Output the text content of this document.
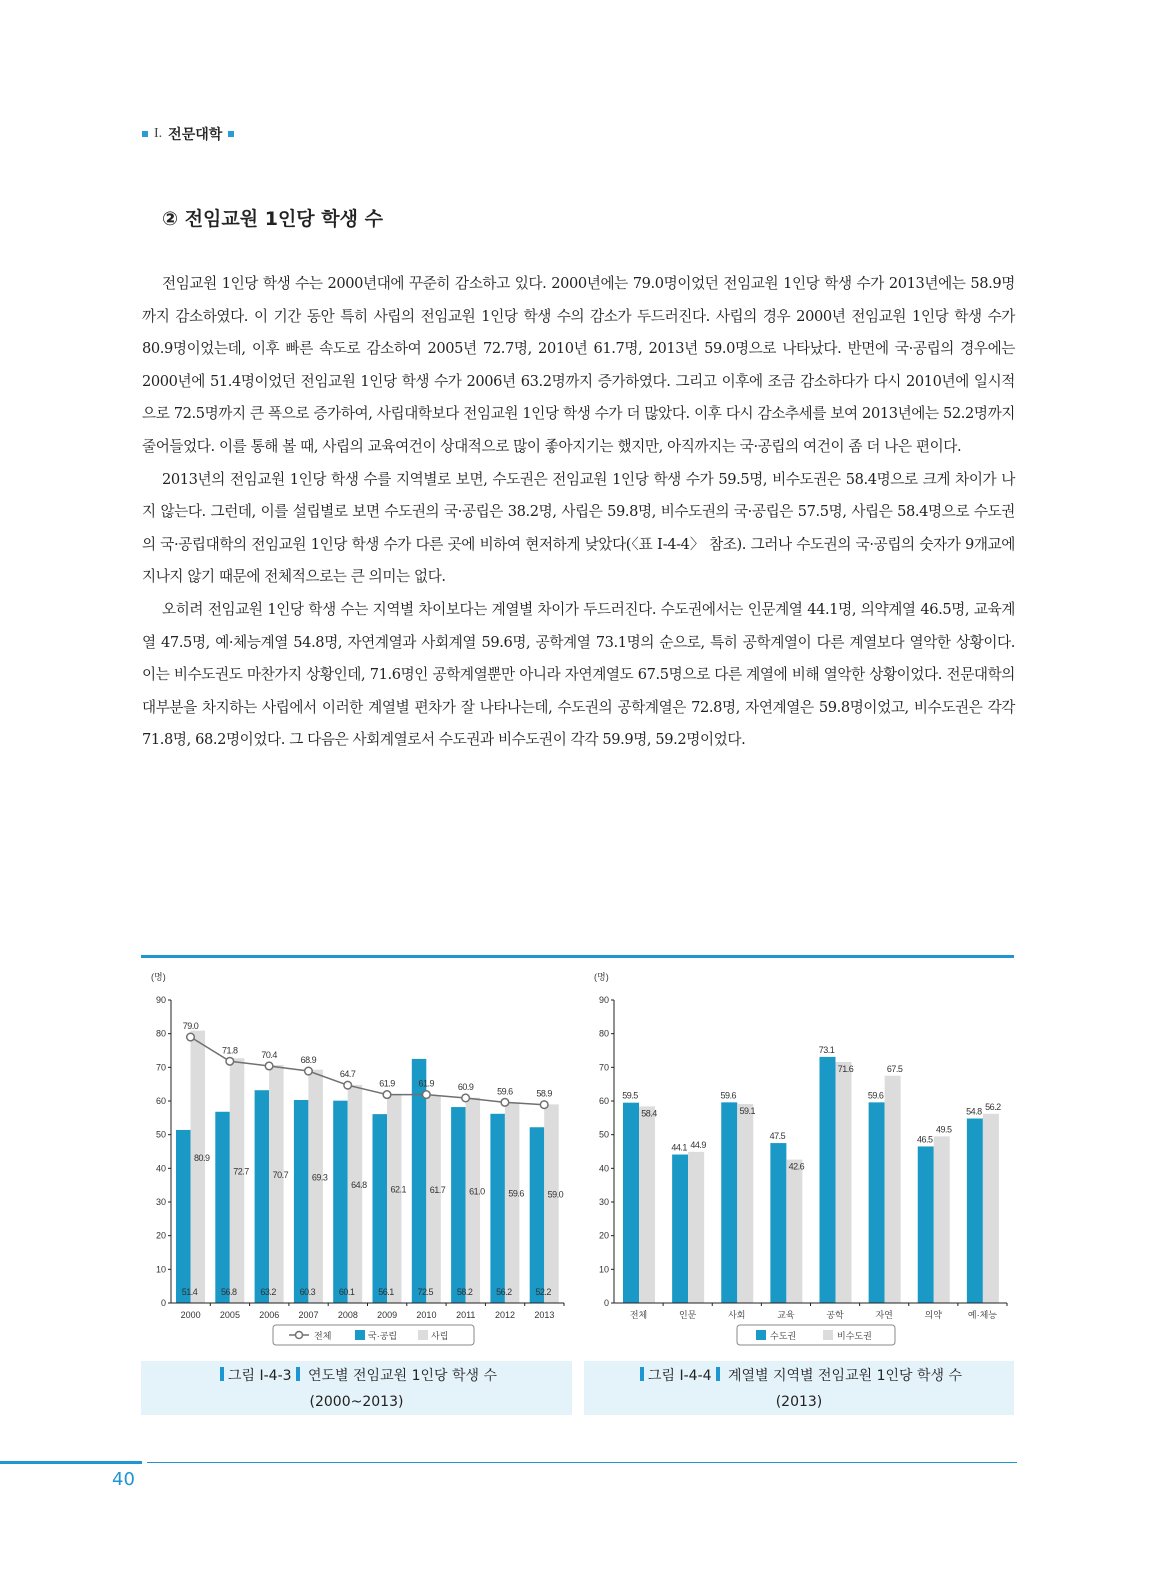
I. 전문대학
② 전임교원 1인당 학생 수

전임교원 1인당 학생 수는 2000년대에 꾸준히 감소하고 있다. 2000년에는 79.0명이었던 전임교원 1인당 학생 수가 2013년에는 58.9명까지 감소하였다. 이 기간 동안 특히 사립의 전임교원 1인당 학생 수의 감소가 두드러진다. 사립의 경우 2000년 전임교원 1인당 학생 수가 80.9명이었는데, 이후 빠른 속도로 감소하여 2005년 72.7명, 2010년 61.7명, 2013년 59.0명으로 나타났다. 반면에 국·공립의 경우에는 2000년에 51.4명이었던 전임교원 1인당 학생 수가 2006년 63.2명까지 증가하였다. 그리고 이후에 조금 감소하다가 다시 2010년에 일시적으로 72.5명까지 큰 폭으로 증가하여, 사립대학보다 전임교원 1인당 학생 수가 더 많았다. 이후 다시 감소추세를 보여 2013년에는 52.2명까지 줄어들었다. 이를 통해 볼 때, 사립의 교육여건이 상대적으로 많이 좋아지기는 했지만, 아직까지는 국·공립의 여건이 좀 더 나은 편이다.

2013년의 전임교원 1인당 학생 수를 지역별로 보면, 수도권은 전임교원 1인당 학생 수가 59.5명, 비수도권은 58.4명으로 크게 차이가 나지 않는다. 그런데, 이를 설립별로 보면 수도권의 국·공립은 38.2명, 사립은 59.8명, 비수도권의 국·공립은 57.5명, 사립은 58.4명으로 수도권의 국·공립대학의 전임교원 1인당 학생 수가 다른 곳에 비하여 현저하게 낮았다(〈표 Ⅰ-4-4〉 참조). 그러나 수도권의 국·공립의 숫자가 9개교에 지나지 않기 때문에 전체적으로는 큰 의미는 없다.

오히려 전임교원 1인당 학생 수는 지역별 차이보다는 계열별 차이가 두드러진다. 수도권에서는 인문계열 44.1명, 의약계열 46.5명, 교육계열 47.5명, 예·체능계열 54.8명, 자연계열과 사회계열 59.6명, 공학계열 73.1명의 순으로, 특히 공학계열이 다른 계열보다 열악한 상황이다. 이는 비수도권도 마찬가지 상황인데, 71.6명인 공학계열뿐만 아니라 자연계열도 67.5명으로 다른 계열에 비해 열악한 상황이었다. 전문대학의 대부분을 차지하는 사립에서 이러한 계열별 편차가 잘 나타나는데, 수도권의 공학계열은 72.8명, 자연계열은 59.8명이었고, 비수도권은 각각 71.8명, 68.2명이었다. 그 다음은 사회계열로서 수도권과 비수도권이 각각 59.9명, 59.2명이었다.

(명)
0
10
20
30
40
50
60
70
80
90
2000 2005 2006 2007 2008 2009 2010 2011 2012 2013
51.4
80.9
56.8
72.7
63.2
70.7
60.3
69.3
60.1
64.8
56.1
62.1
72.5
61.7
58.2
61.0
56.2
59.6
52.2
59.0
79.0
71.8	70.4
68.9
64.7
61.9	61.9	60.9	59.6	58.9
전체	국·공립	사립
(명)
0
10
20
30
40
50
60
70
80
90
전체	인문	사회	교육	공학	자연	의약	예·체능
59.5
58.4
44.1 44.9
59.6
59.1
47.5
42.6
73.1
71.6
59.6
67.5
46.5
49.5
54.8 56.2
수도권	비수도권
그림 Ⅰ-4-3 연도별 전임교원 1인당 학생 수
(2000~2013)
그림 Ⅰ-4-4 계열별 지역별 전임교원 1인당 학생 수
(2013)
40
